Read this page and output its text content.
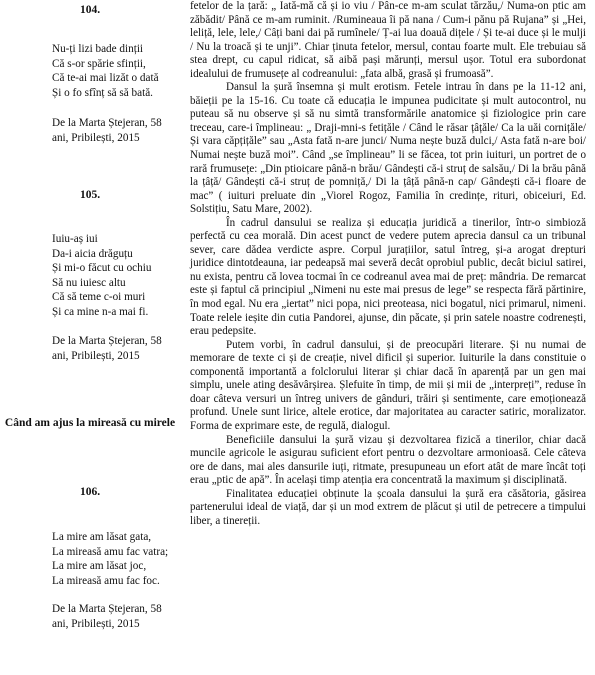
104.
Nu-ți lizi bade dinții
Că s-or spărie sfinții,
Că te-ai mai lizăt o dată
Și o fo sfînț să să bată.
De la Marta Ștejeran, 58 ani, Pribilești, 2015
105.
Iuiu-aș iui
Da-i aicia drăguțu
Și mi-o făcut cu ochiu
Să nu iuiesc altu
Că să teme c-oi muri
Și ca mine n-a mai fi.
De la Marta Ștejeran, 58 ani, Pribilești, 2015
Când am ajus la mireasă cu mirele
106.
La mire am lăsat gata,
La mireasă amu fac vatra;
La mire am lăsat joc,
La mireasă amu fac foc.
De la Marta Ștejeran, 58 ani, Pribilești, 2015

fetelor de la țară: „ Iată-mă că și io viu / Pân-ce m-am sculat tărzău,/ Numa-on ptic am zăbădit/ Până ce m-am ruminit. /Rumineaua îi pă nana / Cum-i pănu pă Rujana” și „Hei, leliță, lele, lele,/ Câți bani dai pă rumînele/ Ț-ai lua doauă dițele / Și te-ai duce și le mulji / Nu la troacă și te unji”. Chiar ținuta fetelor, mersul, contau foarte mult. Ele trebuiau să stea drept, cu capul ridicat, să aibă pași mărunți, mersul ușor. Totul era subordonat idealului de frumusețe al codreanului: „fata albă, grasă și frumoasă”.

Dansul la șură însemna și mult erotism. Fetele intrau în dans pe la 11-12 ani, băieții pe la 15-16. Cu toate că educația le impunea pudicitate și mult autocontrol, nu puteau să nu observe și să nu simtă transformările anatomice și fiziologice prin care treceau, care-i împlineau: „ Draji-mni-s fetițăle / Când le răsar țâțăle/ Ca la uăi cornițăle/ Și vara căpțițăle” sau „Asta fată n-are junci/ Numa nește buză dulci,/ Asta fată n-are boi/ Numai nește buză moi”. Când „se împlineau” li se făcea, tot prin iuituri, un portret de o rară frumusețe: „Din ptioicare până-n brău/ Gândești că-i struț de salsău,/ Di la brău până la țâță/ Gândești că-i struț de pomniță,/ Di la țâță până-n cap/ Gândești că-i floare de mac” ( iuituri preluate din „Viorel Rogoz, Familia în credințe, rituri, obiceiuri, Ed. Solstițiu, Satu Mare, 2002).

În cadrul dansului se realiza și educația juridică a tinerilor, într-o simbioză perfectă cu cea morală. Din acest punct de vedere putem aprecia dansul ca un tribunal sever, care dădea verdicte aspre. Corpul jurațiilor, satul întreg, și-a arogat drepturi juridice dintotdeauna, iar pedeapsă mai severă decât oprobiul public, decât biciul satirei, nu exista, pentru că lovea tocmai în ce codreanul avea mai de preț: mândria. De remarcat este și faptul că principiul „Nimeni nu este mai presus de lege” se respecta fără părtinire, în mod egal. Nu era „iertat” nici popa, nici preoteasa, nici bogatul, nici primarul, nimeni. Toate relele ieșite din cutia Pandorei, ajunse, din păcate, și prin satele noastre codrenești, erau pedepsite.

Putem vorbi, în cadrul dansului, și de preocupări literare. Și nu numai de memorare de texte ci și de creație, nivel dificil și superior. Iuiturile la dans constituie o componentă importantă a folclorului literar și chiar dacă în aparență par un gen mai simplu, unele ating desăvârșirea. Șlefuite în timp, de mii și mii de „interpreți”, reduse în doar câteva versuri un întreg univers de gânduri, trăiri și sentimente, care emoționează profund. Unele sunt lirice, altele erotice, dar majoritatea au caracter satiric, moralizator. Forma de exprimare este, de regulă, dialogul.

Beneficiile dansului la șură vizau și dezvoltarea fizică a tinerilor, chiar dacă muncile agricole le asigurau suficient efort pentru o dezvoltare armonioasă. Cele câteva ore de dans, mai ales dansurile iuți, ritmate, presupuneau un efort atât de mare încât toți erau „ptic de apă”. În același timp atenția era concentrată la maximum și disciplinată.

Finalitatea educației obținute la școala dansului la șură era căsătoria, găsirea partenerului ideal de viață, dar și un mod extrem de plăcut și util de petrecere a timpului liber, a tinereții.
